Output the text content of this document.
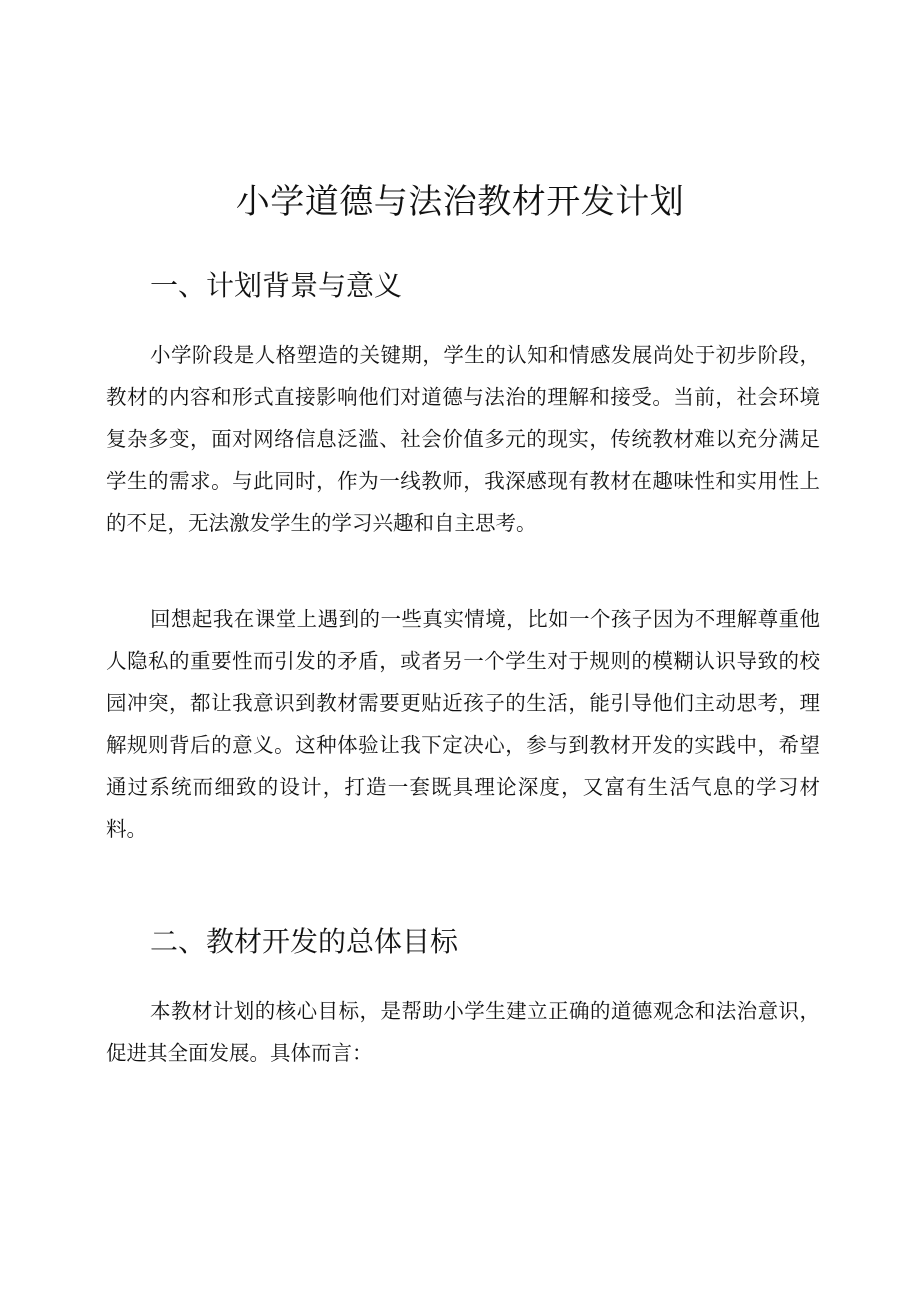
小学道德与法治教材开发计划
一、计划背景与意义

小学阶段是人格塑造的关键期，学生的认知和情感发展尚处于初步阶段，教材的内容和形式直接影响他们对道德与法治的理解和接受。当前，社会环境复杂多变，面对网络信息泛滥、社会价值多元的现实，传统教材难以充分满足学生的需求。与此同时，作为一线教师，我深感现有教材在趣味性和实用性上的不足，无法激发学生的学习兴趣和自主思考。

回想起我在课堂上遇到的一些真实情境，比如一个孩子因为不理解尊重他人隐私的重要性而引发的矛盾，或者另一个学生对于规则的模糊认识导致的校园冲突，都让我意识到教材需要更贴近孩子的生活，能引导他们主动思考，理解规则背后的意义。这种体验让我下定决心，参与到教材开发的实践中，希望通过系统而细致的设计，打造一套既具理论深度，又富有生活气息的学习材料。

二、教材开发的总体目标

本教材计划的核心目标，是帮助小学生建立正确的道德观念和法治意识，促进其全面发展。具体而言：
